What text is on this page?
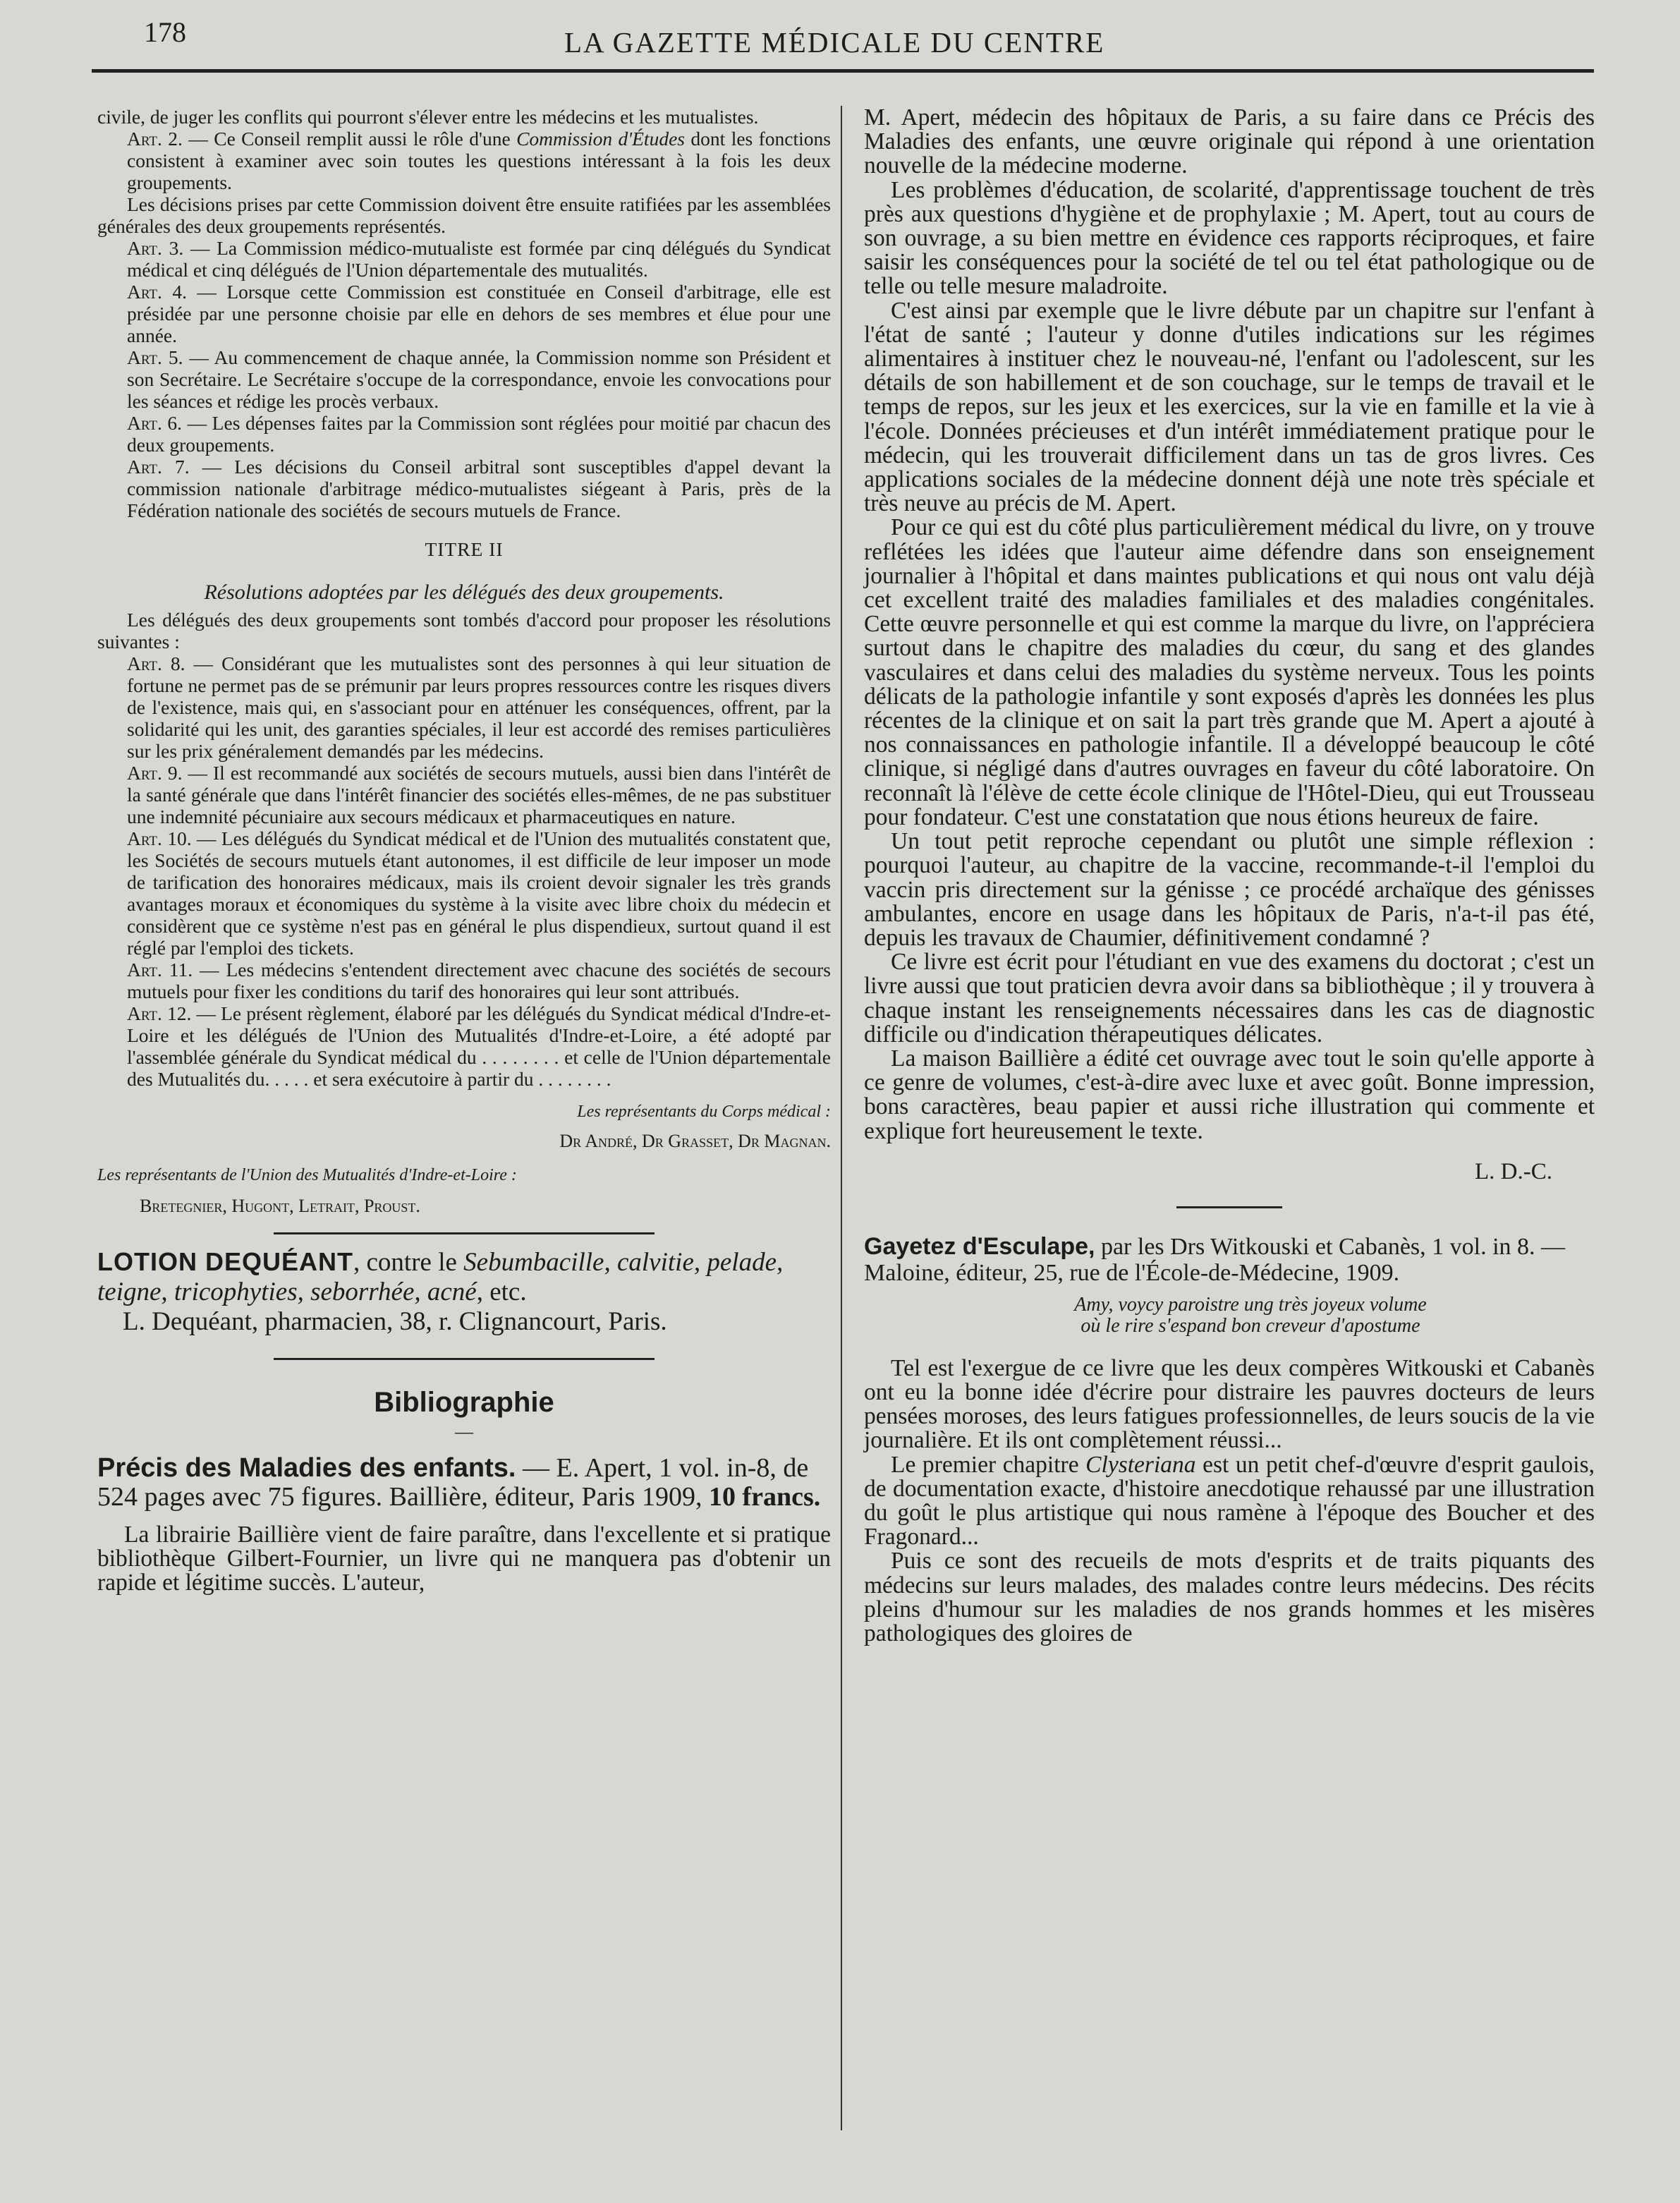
178	LA GAZETTE MÉDICALE DU CENTRE

civile, de juger les conflits qui pourront s'élever entre les médecins et les mutualistes.

Art. 2. — Ce Conseil remplit aussi le rôle d'une Commission d'Études dont les fonctions consistent à examiner avec soin toutes les questions intéressant à la fois les deux groupements.

Les décisions prises par cette Commission doivent être ensuite ratifiées par les assemblées générales des deux groupements représentés.

Art. 3. — La Commission médico-mutualiste est formée par cinq délégués du Syndicat médical et cinq délégués de l'Union départementale des mutualités.

Art. 4. — Lorsque cette Commission est constituée en Conseil d'arbitrage, elle est présidée par une personne choisie par elle en dehors de ses membres et élue pour une année.

Art. 5. — Au commencement de chaque année, la Commission nomme son Président et son Secrétaire. Le Secrétaire s'occupe de la correspondance, envoie les convocations pour les séances et rédige les procès verbaux.

Art. 6. — Les dépenses faites par la Commission sont réglées pour moitié par chacun des deux groupements.

Art. 7. — Les décisions du Conseil arbitral sont susceptibles d'appel devant la commission nationale d'arbitrage médico-mutualistes siégeant à Paris, près de la Fédération nationale des sociétés de secours mutuels de France.

TITRE II
Résolutions adoptées par les délégués des deux groupements.

Les délégués des deux groupements sont tombés d'accord pour proposer les résolutions suivantes :

Art. 8. — Considérant que les mutualistes sont des personnes à qui leur situation de fortune ne permet pas de se prémunir par leurs propres ressources contre les risques divers de l'existence, mais qui, en s'associant pour en atténuer les conséquences, offrent, par la solidarité qui les unit, des garanties spéciales, il leur est accordé des remises particulières sur les prix généralement demandés par les médecins.

Art. 9. — Il est recommandé aux sociétés de secours mutuels, aussi bien dans l'intérêt de la santé générale que dans l'intérêt financier des sociétés elles-mêmes, de ne pas substituer une indemnité pécuniaire aux secours médicaux et pharmaceutiques en nature.

Art. 10. — Les délégués du Syndicat médical et de l'Union des mutualités constatent que, les Sociétés de secours mutuels étant autonomes, il est difficile de leur imposer un mode de tarification des honoraires médicaux, mais ils croient devoir signaler les très grands avantages moraux et économiques du système à la visite avec libre choix du médecin et considèrent que ce système n'est pas en général le plus dispendieux, surtout quand il est réglé par l'emploi des tickets.

Art. 11. — Les médecins s'entendent directement avec chacune des sociétés de secours mutuels pour fixer les conditions du tarif des honoraires qui leur sont attribués.

Art. 12. — Le présent règlement, élaboré par les délégués du Syndicat médical d'Indre-et-Loire et les délégués de l'Union des Mutualités d'Indre-et-Loire, a été adopté par l'assemblée générale du Syndicat médical du . . . . . . . . et celle de l'Union départementale des Mutualités du. . . . . et sera exécutoire à partir du . . . . . . . .

Les représentants du Corps médical :
Dr André, Dr Grasset, Dr Magnan.
Les représentants de l'Union des Mutualités d'Indre-et-Loire :
Bretegnier, Hugont, Letrait, Proust.

LOTION DEQUÉANT, contre le Sebumbacille, calvitie, pelade, teigne, tricophyties, seborrhée, acné, etc.

L. Dequéant, pharmacien, 38, r. Clignancourt, Paris.

Bibliographie
—

Précis des Maladies des enfants. — E. Apert, 1 vol. in-8, de 524 pages avec 75 figures. Baillière, éditeur, Paris 1909, 10 francs.

La librairie Baillière vient de faire paraître, dans l'excellente et si pratique bibliothèque Gilbert-Fournier, un livre qui ne manquera pas d'obtenir un rapide et légitime succès. L'auteur,

M. Apert, médecin des hôpitaux de Paris, a su faire dans ce Précis des Maladies des enfants, une œuvre originale qui répond à une orientation nouvelle de la médecine moderne.

Les problèmes d'éducation, de scolarité, d'apprentissage touchent de très près aux questions d'hygiène et de prophylaxie ; M. Apert, tout au cours de son ouvrage, a su bien mettre en évidence ces rapports réciproques, et faire saisir les conséquences pour la société de tel ou tel état pathologique ou de telle ou telle mesure maladroite.

C'est ainsi par exemple que le livre débute par un chapitre sur l'enfant à l'état de santé ; l'auteur y donne d'utiles indications sur les régimes alimentaires à instituer chez le nouveau-né, l'enfant ou l'adolescent, sur les détails de son habillement et de son couchage, sur le temps de travail et le temps de repos, sur les jeux et les exercices, sur la vie en famille et la vie à l'école. Données précieuses et d'un intérêt immédiatement pratique pour le médecin, qui les trouverait difficilement dans un tas de gros livres. Ces applications sociales de la médecine donnent déjà une note très spéciale et très neuve au précis de M. Apert.

Pour ce qui est du côté plus particulièrement médical du livre, on y trouve reflétées les idées que l'auteur aime défendre dans son enseignement journalier à l'hôpital et dans maintes publications et qui nous ont valu déjà cet excellent traité des maladies familiales et des maladies congénitales. Cette œuvre personnelle et qui est comme la marque du livre, on l'appréciera surtout dans le chapitre des maladies du cœur, du sang et des glandes vasculaires et dans celui des maladies du système nerveux. Tous les points délicats de la pathologie infantile y sont exposés d'après les données les plus récentes de la clinique et on sait la part très grande que M. Apert a ajouté à nos connaissances en pathologie infantile. Il a développé beaucoup le côté clinique, si négligé dans d'autres ouvrages en faveur du côté laboratoire. On reconnaît là l'élève de cette école clinique de l'Hôtel-Dieu, qui eut Trousseau pour fondateur. C'est une constatation que nous étions heureux de faire.

Un tout petit reproche cependant ou plutôt une simple réflexion : pourquoi l'auteur, au chapitre de la vaccine, recommande-t-il l'emploi du vaccin pris directement sur la génisse ; ce procédé archaïque des génisses ambulantes, encore en usage dans les hôpitaux de Paris, n'a-t-il pas été, depuis les travaux de Chaumier, définitivement condamné ?

Ce livre est écrit pour l'étudiant en vue des examens du doctorat ; c'est un livre aussi que tout praticien devra avoir dans sa bibliothèque ; il y trouvera à chaque instant les renseignements nécessaires dans les cas de diagnostic difficile ou d'indication thérapeutiques délicates.

La maison Baillière a édité cet ouvrage avec tout le soin qu'elle apporte à ce genre de volumes, c'est-à-dire avec luxe et avec goût. Bonne impression, bons caractères, beau papier et aussi riche illustration qui commente et explique fort heureusement le texte.

L. D.-C.

Gayetez d'Esculape, par les Drs Witkouski et Cabanès, 1 vol. in 8. — Maloine, éditeur, 25, rue de l'École-de-Médecine, 1909.

Amy, voycy paroistre ung très joyeux volume
où le rire s'espand bon creveur d'apostume

Tel est l'exergue de ce livre que les deux compères Witkouski et Cabanès ont eu la bonne idée d'écrire pour distraire les pauvres docteurs de leurs pensées moroses, des leurs fatigues professionnelles, de leurs soucis de la vie journalière. Et ils ont complètement réussi...

Le premier chapitre Clysteriana est un petit chef-d'œuvre d'esprit gaulois, de documentation exacte, d'histoire anecdotique rehaussé par une illustration du goût le plus artistique qui nous ramène à l'époque des Boucher et des Fragonard...

Puis ce sont des recueils de mots d'esprits et de traits piquants des médecins sur leurs malades, des malades contre leurs médecins. Des récits pleins d'humour sur les maladies de nos grands hommes et les misères pathologiques des gloires de
